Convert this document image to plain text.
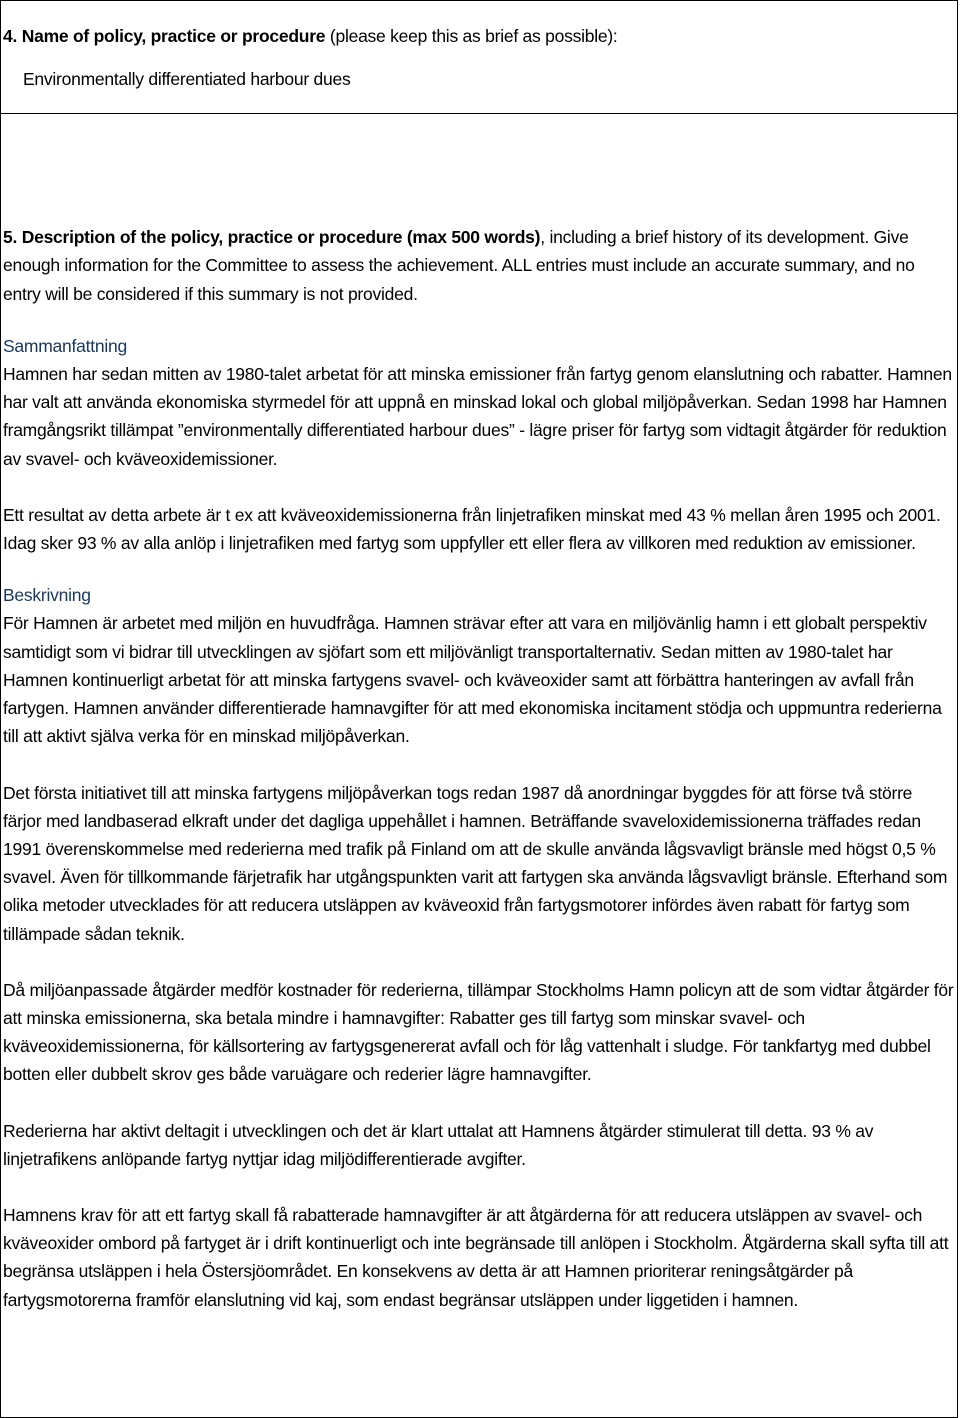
4. Name of policy, practice or procedure (please keep this as brief as possible):

Environmentally differentiated harbour dues

5. Description of the policy, practice or procedure (max 500 words), including a brief history of its development. Give enough information for the Committee to assess the achievement. ALL entries must include an accurate summary, and no entry will be considered if this summary is not provided.

Sammanfattning

Hamnen har sedan mitten av 1980-talet arbetat för att minska emissioner från fartyg genom elanslutning och rabatter. Hamnen har valt att använda ekonomiska styrmedel för att uppnå en minskad lokal och global miljöpåverkan. Sedan 1998 har Hamnen framgångsrikt tillämpat ”environmentally differentiated harbour dues” - lägre priser för fartyg som vidtagit åtgärder för reduktion av svavel- och kväveoxidemissioner.

Ett resultat av detta arbete är t ex att kväveoxidemissionerna från linjetrafiken minskat med 43 % mellan åren 1995 och 2001. Idag sker 93 % av alla anlöp i linjetrafiken med fartyg som uppfyller ett eller flera av villkoren med reduktion av emissioner.

Beskrivning

För Hamnen är arbetet med miljön en huvudfråga. Hamnen strävar efter att vara en miljövänlig hamn i ett globalt perspektiv samtidigt som vi bidrar till utvecklingen av sjöfart som ett miljövänligt transportalternativ. Sedan mitten av 1980-talet har Hamnen kontinuerligt arbetat för att minska fartygens svavel- och kväveoxider samt att förbättra hanteringen av avfall från fartygen. Hamnen använder differentierade hamnavgifter för att med ekonomiska incitament stödja och uppmuntra rederierna till att aktivt själva verka för en minskad miljöpåverkan.

Det första initiativet till att minska fartygens miljöpåverkan togs redan 1987 då anordningar byggdes för att förse två större färjor med landbaserad elkraft under det dagliga uppehållet i hamnen. Beträffande svaveloxidemissionerna träffades redan 1991 överenskommelse med rederierna med trafik på Finland om att de skulle använda lågsvavligt bränsle med högst 0,5 % svavel. Även för tillkommande färjetrafik har utgångspunkten varit att fartygen ska använda lågsvavligt bränsle. Efterhand som olika metoder utvecklades för att reducera utsläppen av kväveoxid från fartygsmotorer infördes även rabatt för fartyg som tillämpade sådan teknik.

Då miljöanpassade åtgärder medför kostnader för rederierna, tillämpar Stockholms Hamn policyn att de som vidtar åtgärder för att minska emissionerna, ska betala mindre i hamnavgifter: Rabatter ges till fartyg som minskar svavel- och kväveoxidemissionerna, för källsortering av fartygsgenererat avfall och för låg vattenhalt i sludge. För tankfartyg med dubbel botten eller dubbelt skrov ges både varuägare och rederier lägre hamnavgifter.

Rederierna har aktivt deltagit i utvecklingen och det är klart uttalat att Hamnens åtgärder stimulerat till detta. 93 % av linjetrafikens anlöpande fartyg nyttjar idag miljödifferentierade avgifter.

Hamnens krav för att ett fartyg skall få rabatterade hamnavgifter är att åtgärderna för att reducera utsläppen av svavel- och kväveoxider ombord på fartyget är i drift kontinuerligt och inte begränsade till anlöpen i Stockholm. Åtgärderna skall syfta till att begränsa utsläppen i hela Östersjöområdet. En konsekvens av detta är att Hamnen prioriterar reningsåtgärder på fartygsmotorerna framför elanslutning vid kaj, som endast begränsar utsläppen under liggetiden i hamnen.
